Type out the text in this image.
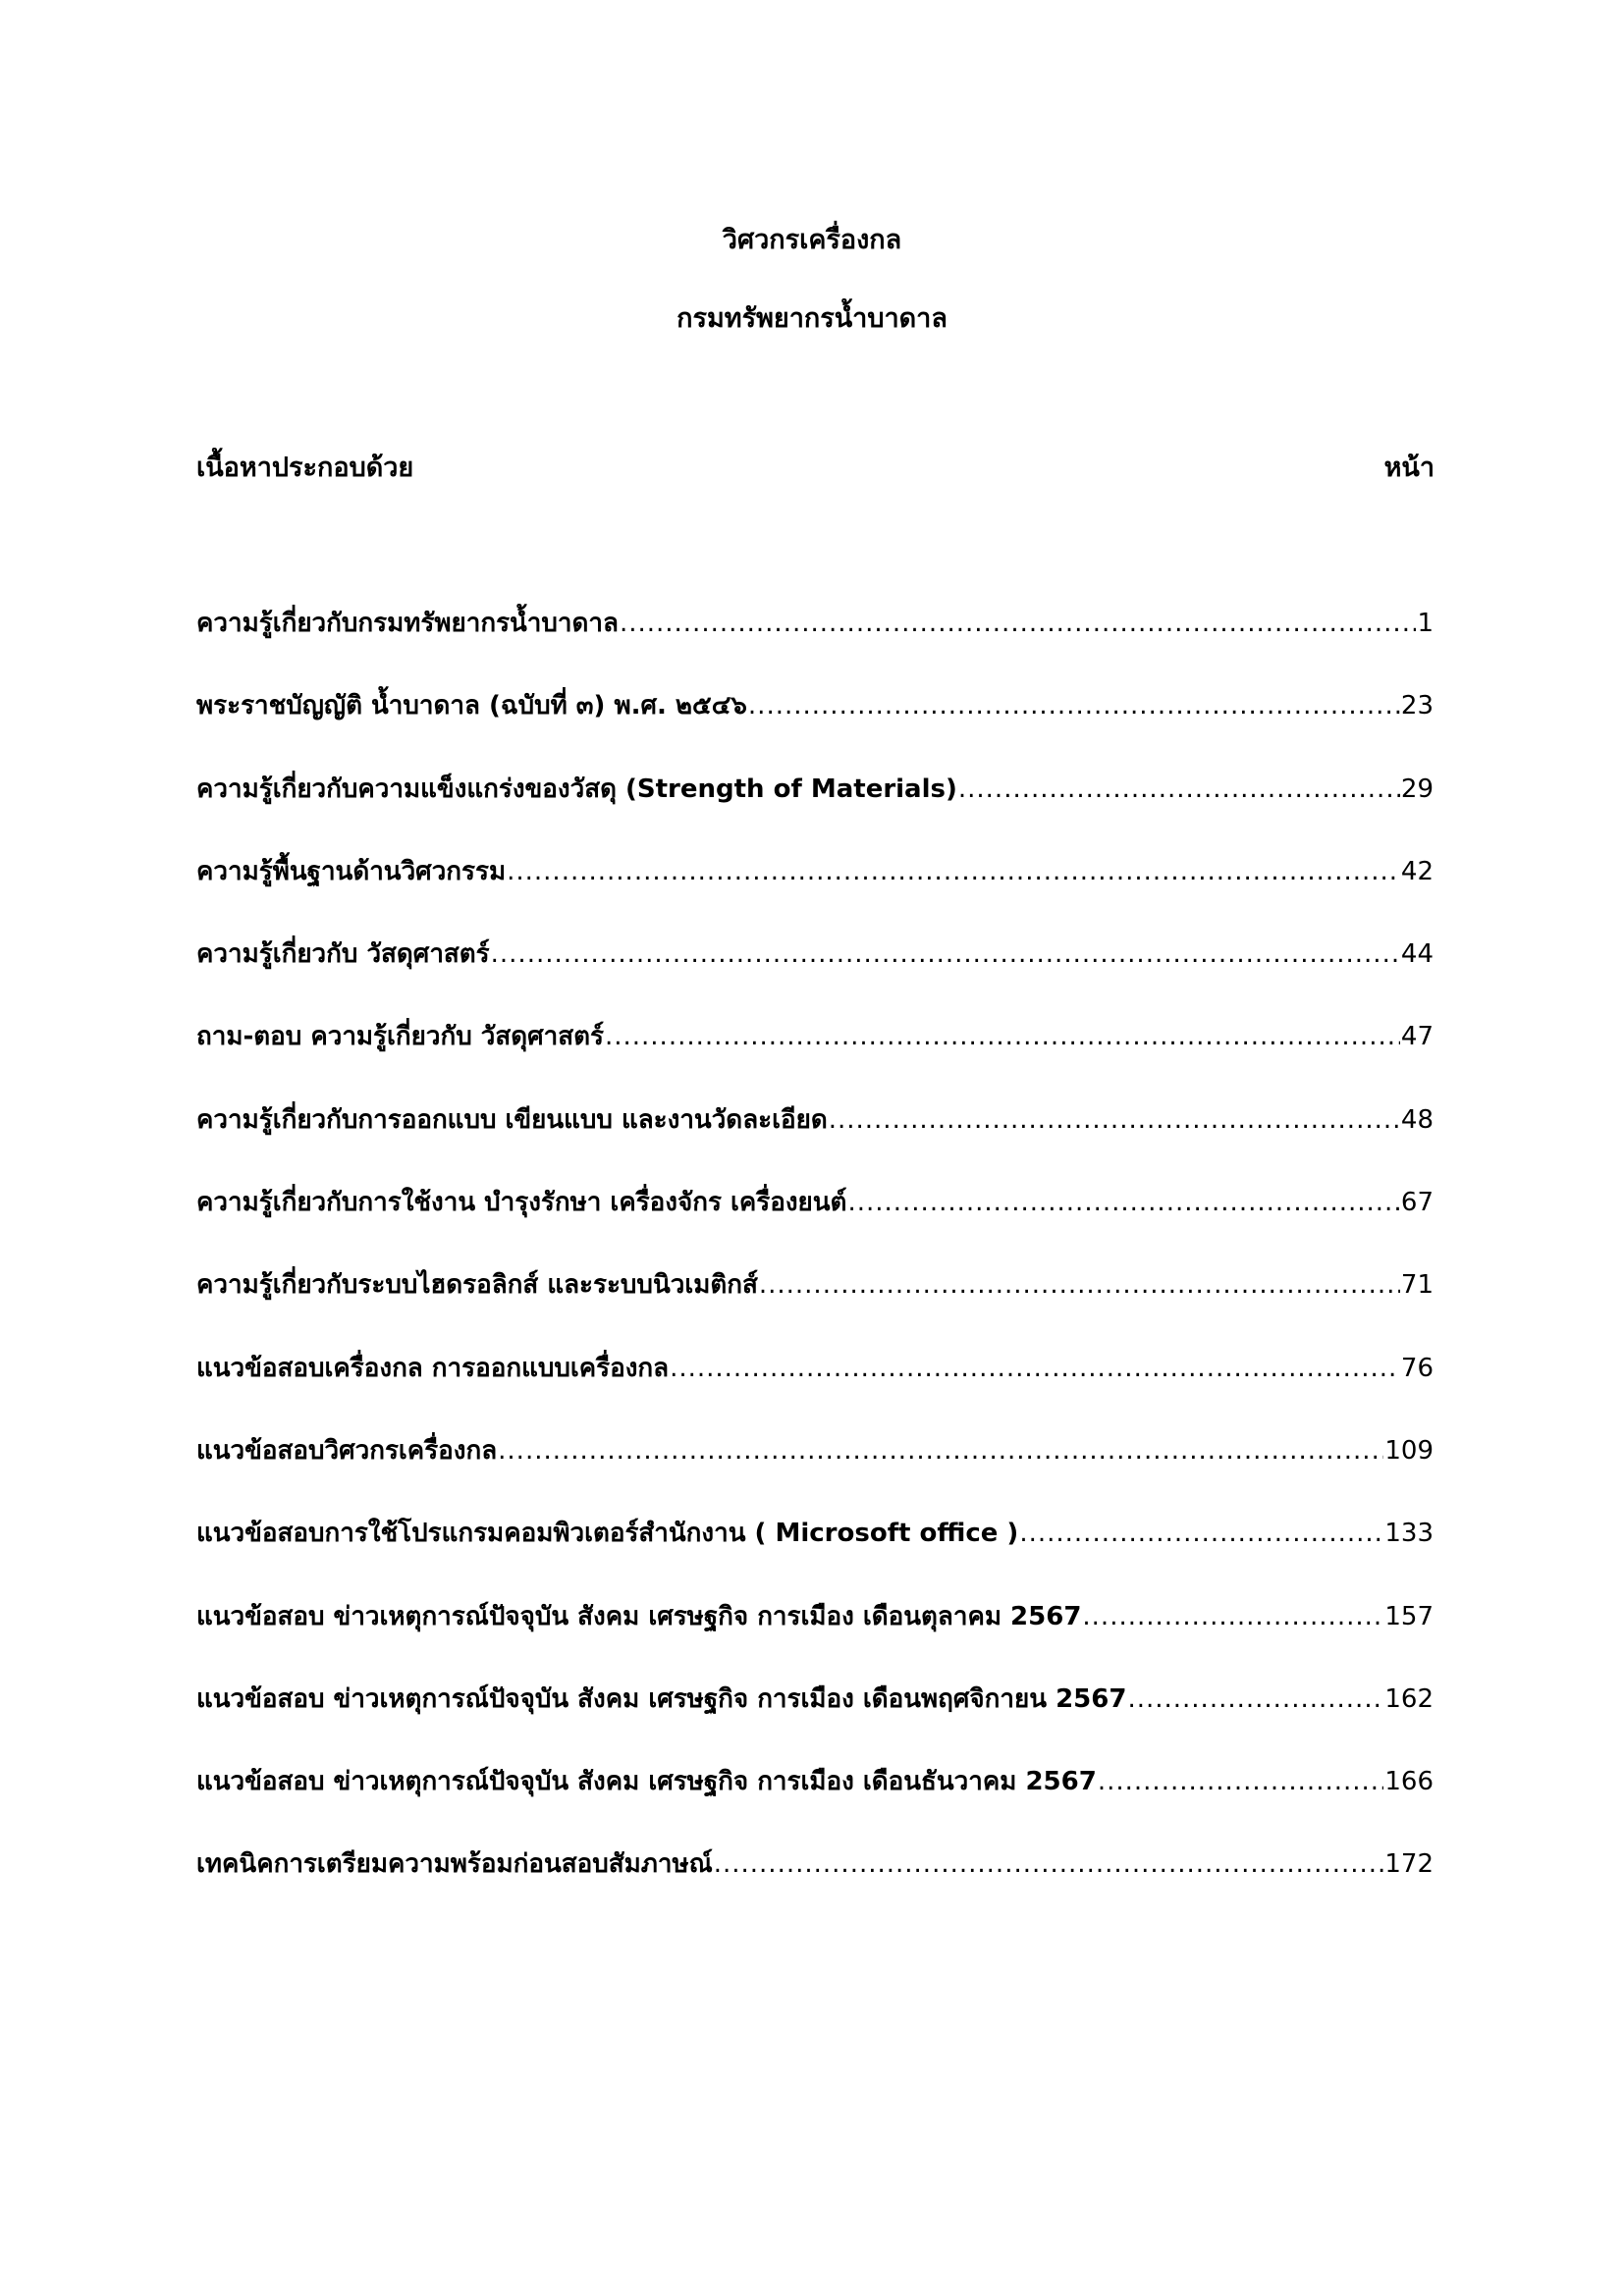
วิศวกรเครื่องกล
กรมทรัพยากรน้ำบาดาล
เนื้อหาประกอบด้วย	หน้า
ความรู้เกี่ยวกับกรมทรัพยากรน้ำบาดาล .....	1
พระราชบัญญัติ น้ำบาดาล (ฉบับที่ ๓) พ.ศ. ๒๕๔๖ .....	23
ความรู้เกี่ยวกับความแข็งแกร่งของวัสดุ (Strength of Materials) .....	29
ความรู้พื้นฐานด้านวิศวกรรม .....	42
ความรู้เกี่ยวกับ วัสดุศาสตร์ .....	44
ถาม-ตอบ ความรู้เกี่ยวกับ วัสดุศาสตร์ .....	47
ความรู้เกี่ยวกับการออกแบบ เขียนแบบ และงานวัดละเอียด .....	48
ความรู้เกี่ยวกับการใช้งาน บำรุงรักษา เครื่องจักร เครื่องยนต์ .....	67
ความรู้เกี่ยวกับระบบไฮดรอลิกส์ และระบบนิวเมติกส์ .....	71
แนวข้อสอบเครื่องกล การออกแบบเครื่องกล .....	76
แนวข้อสอบวิศวกรเครื่องกล .....	109
แนวข้อสอบการใช้โปรแกรมคอมพิวเตอร์สำนักงาน ( Microsoft office ) .....	133
แนวข้อสอบ ข่าวเหตุการณ์ปัจจุบัน สังคม เศรษฐกิจ การเมือง เดือนตุลาคม 2567 .....	157
แนวข้อสอบ ข่าวเหตุการณ์ปัจจุบัน สังคม เศรษฐกิจ การเมือง เดือนพฤศจิกายน 2567 .....	162
แนวข้อสอบ ข่าวเหตุการณ์ปัจจุบัน สังคม เศรษฐกิจ การเมือง เดือนธันวาคม 2567 .....	166
เทคนิคการเตรียมความพร้อมก่อนสอบสัมภาษณ์ .....	172
